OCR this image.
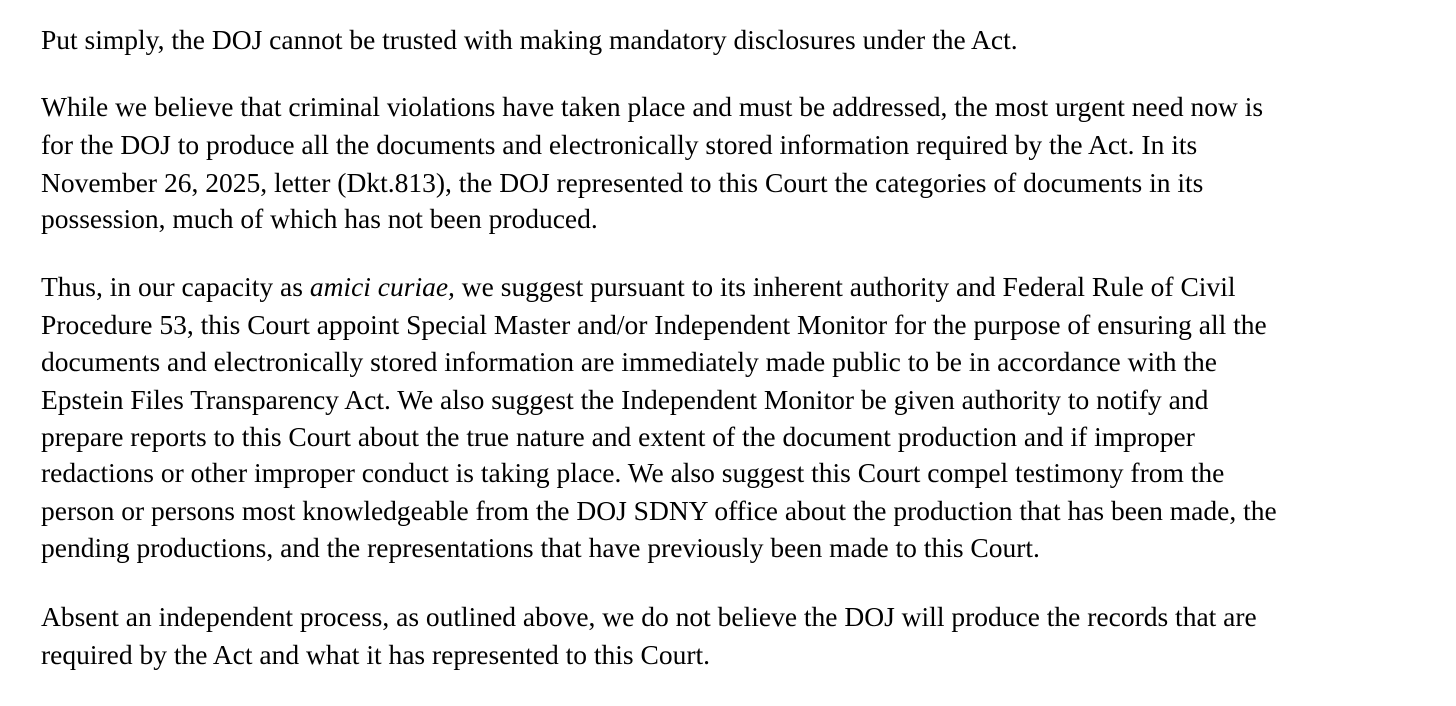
Put simply, the DOJ cannot be trusted with making mandatory disclosures under the Act.
While we believe that criminal violations have taken place and must be addressed, the most urgent need now is
for the DOJ to produce all the documents and electronically stored information required by the Act. In its
November 26, 2025, letter (Dkt.813), the DOJ represented to this Court the categories of documents in its
possession, much of which has not been produced.
Thus, in our capacity as amici curiae, we suggest pursuant to its inherent authority and Federal Rule of Civil
Procedure 53, this Court appoint Special Master and/or Independent Monitor for the purpose of ensuring all the
documents and electronically stored information are immediately made public to be in accordance with the
Epstein Files Transparency Act. We also suggest the Independent Monitor be given authority to notify and
prepare reports to this Court about the true nature and extent of the document production and if improper
redactions or other improper conduct is taking place. We also suggest this Court compel testimony from the
person or persons most knowledgeable from the DOJ SDNY office about the production that has been made, the
pending productions, and the representations that have previously been made to this Court.
Absent an independent process, as outlined above, we do not believe the DOJ will produce the records that are
required by the Act and what it has represented to this Court.
